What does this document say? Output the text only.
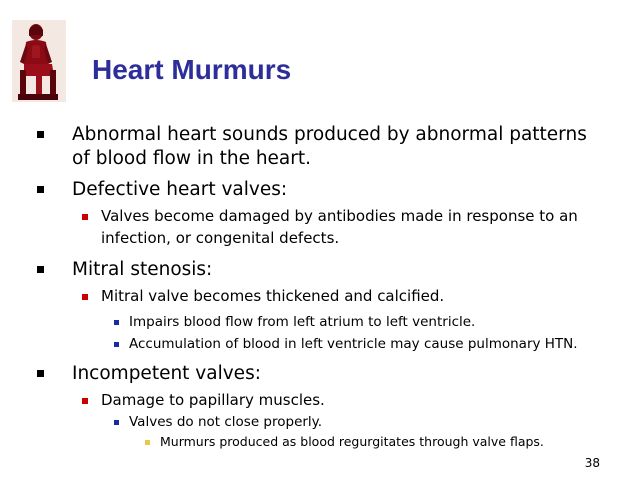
Heart Murmurs
Abnormal heart sounds produced by abnormal patterns
of blood flow in the heart.
Defective heart valves:
Valves become damaged by antibodies made in response to an
infection, or congenital defects.
Mitral stenosis:
Mitral valve becomes thickened and calcified.
Impairs blood flow from left atrium to left ventricle.
Accumulation of blood in left ventricle may cause pulmonary HTN.
Incompetent valves:
Damage to papillary muscles.
Valves do not close properly.
Murmurs produced as blood regurgitates through valve flaps.
38
